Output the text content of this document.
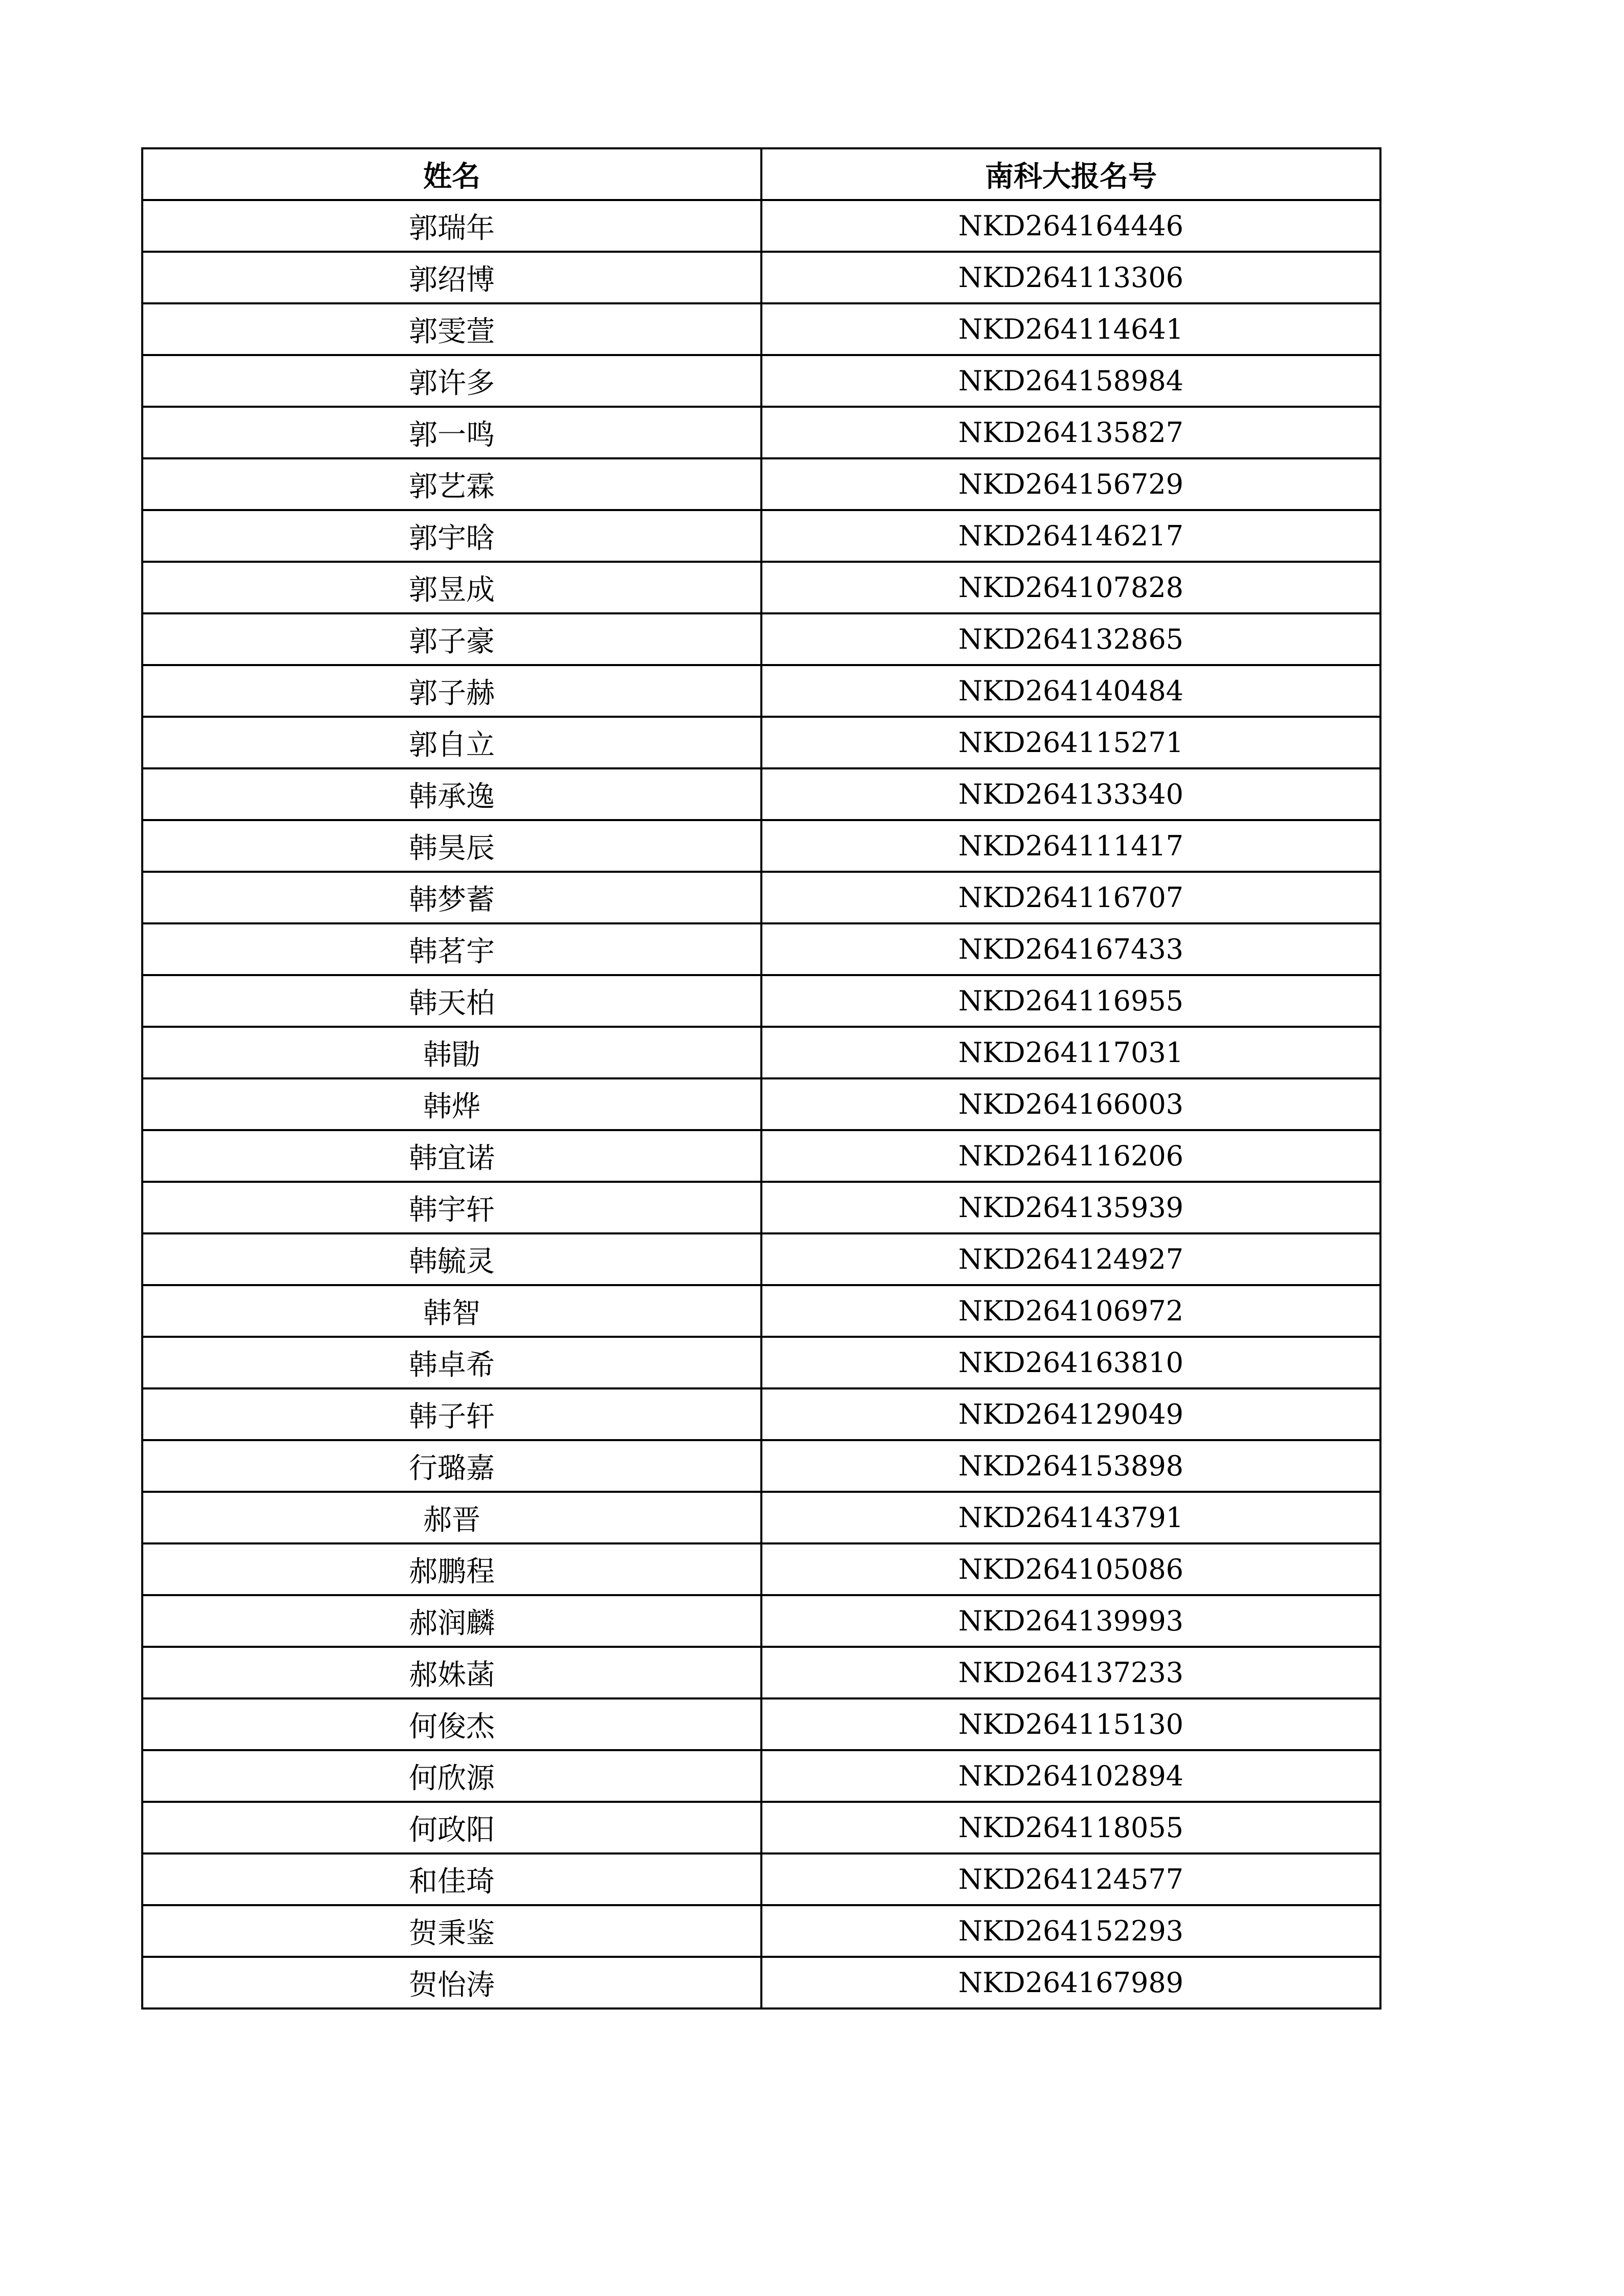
姓名	南科大报名号
郭瑞年	NKD264164446
郭绍博	NKD264113306
郭雯萱	NKD264114641
郭许多	NKD264158984
郭一鸣	NKD264135827
郭艺霖	NKD264156729
郭宇晗	NKD264146217
郭昱成	NKD264107828
郭子豪	NKD264132865
郭子赫	NKD264140484
郭自立	NKD264115271
韩承逸	NKD264133340
韩昊辰	NKD264111417
韩梦蓄	NKD264116707
韩茗宇	NKD264167433
韩天柏	NKD264116955
韩勖	NKD264117031
韩烨	NKD264166003
韩宜诺	NKD264116206
韩宇轩	NKD264135939
韩毓灵	NKD264124927
韩智	NKD264106972
韩卓希	NKD264163810
韩子轩	NKD264129049
行璐嘉	NKD264153898
郝晋	NKD264143791
郝鹏程	NKD264105086
郝润麟	NKD264139993
郝姝菡	NKD264137233
何俊杰	NKD264115130
何欣源	NKD264102894
何政阳	NKD264118055
和佳琦	NKD264124577
贺秉鉴	NKD264152293
贺怡涛	NKD264167989
